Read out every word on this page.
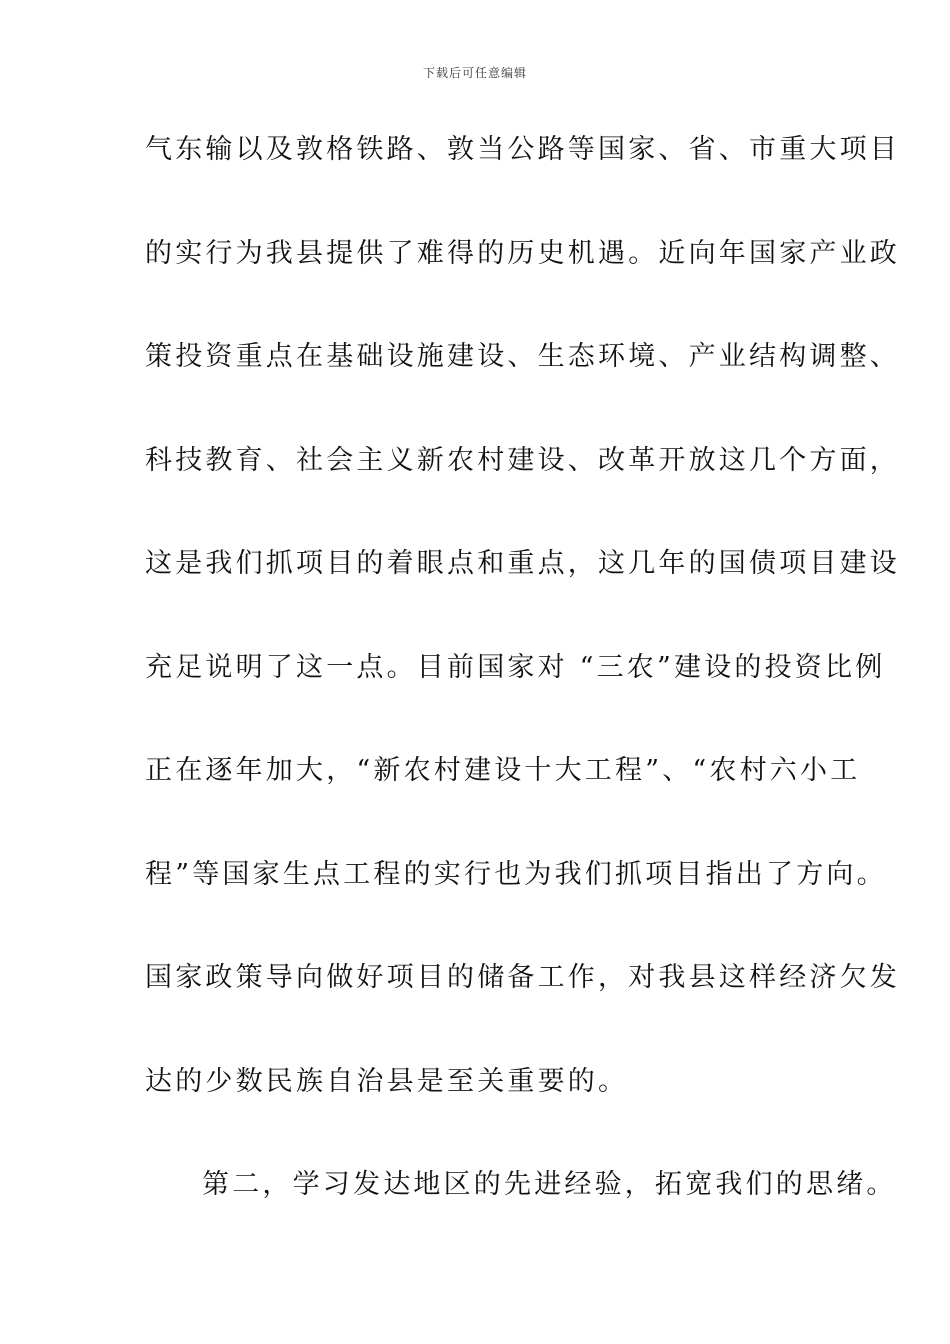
下载后可任意编辑
气东输以及敦格铁路、敦当公路等国家、省、市重大项目
的实行为我县提供了难得的历史机遇。近向年国家产业政
策投资重点在基础设施建设、生态环境、产业结构调整、
科技教育、社会主义新农村建设、改革开放这几个方面，
这是我们抓项目的着眼点和重点，这几年的国债项目建设
充足说明了这一点。目前国家对 “三农”建设的投资比例
正在逐年加大，“新农村建设十大工程”、“农村六小工
程”等国家生点工程的实行也为我们抓项目指出了方向。
国家政策导向做好项目的储备工作，对我县这样经济欠发
达的少数民族自治县是至关重要的。
第二，学习发达地区的先进经验，拓宽我们的思绪。
